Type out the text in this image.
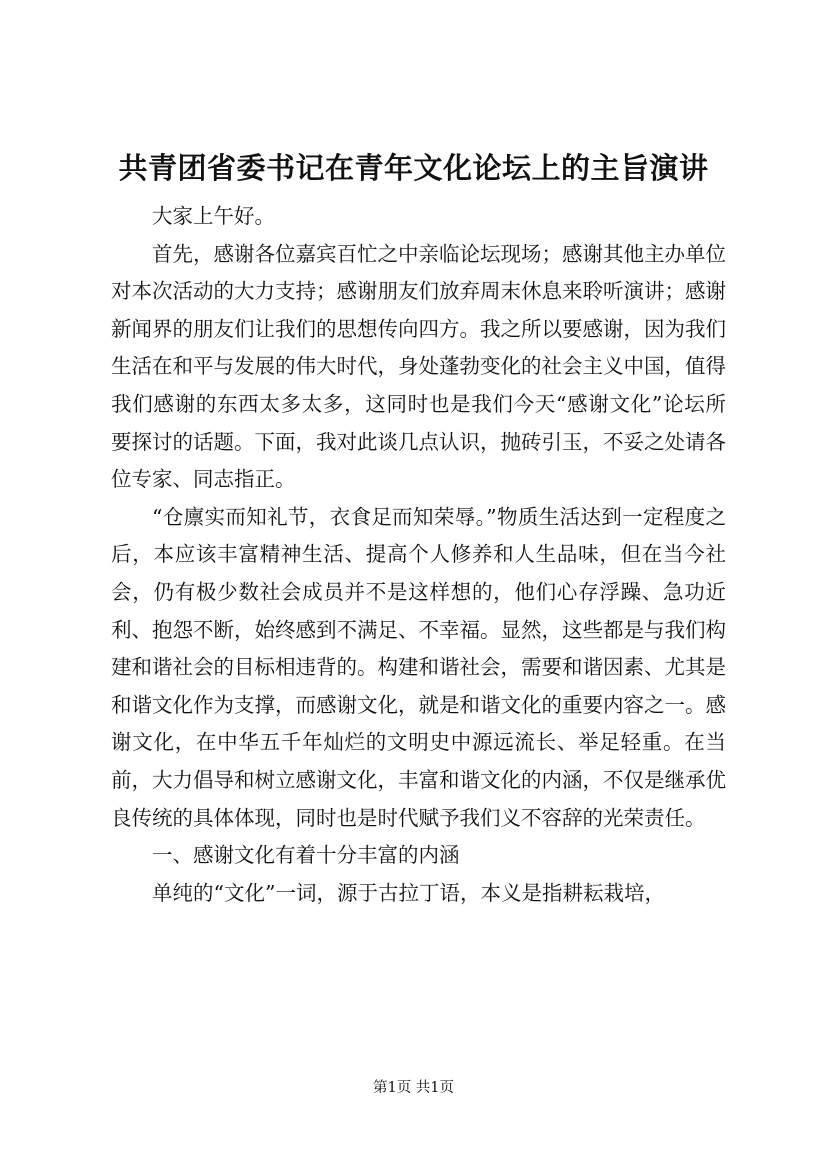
共青团省委书记在青年文化论坛上的主旨演讲

大家上午好。

首先，感谢各位嘉宾百忙之中亲临论坛现场；感谢其他主办单位对本次活动的大力支持；感谢朋友们放弃周末休息来聆听演讲；感谢新闻界的朋友们让我们的思想传向四方。我之所以要感谢，因为我们生活在和平与发展的伟大时代，身处蓬勃变化的社会主义中国，值得我们感谢的东西太多太多，这同时也是我们今天“感谢文化”论坛所要探讨的话题。下面，我对此谈几点认识，抛砖引玉，不妥之处请各位专家、同志指正。

“仓廪实而知礼节，衣食足而知荣辱。”物质生活达到一定程度之后，本应该丰富精神生活、提高个人修养和人生品味，但在当今社会，仍有极少数社会成员并不是这样想的，他们心存浮躁、急功近利、抱怨不断，始终感到不满足、不幸福。显然，这些都是与我们构建和谐社会的目标相违背的。构建和谐社会，需要和谐因素、尤其是和谐文化作为支撑，而感谢文化，就是和谐文化的重要内容之一。感谢文化，在中华五千年灿烂的文明史中源远流长、举足轻重。在当前，大力倡导和树立感谢文化，丰富和谐文化的内涵，不仅是继承优良传统的具体体现，同时也是时代赋予我们义不容辞的光荣责任。

一、感谢文化有着十分丰富的内涵

单纯的“文化”一词，源于古拉丁语，本义是指耕耘栽培，

第1页 共1页
